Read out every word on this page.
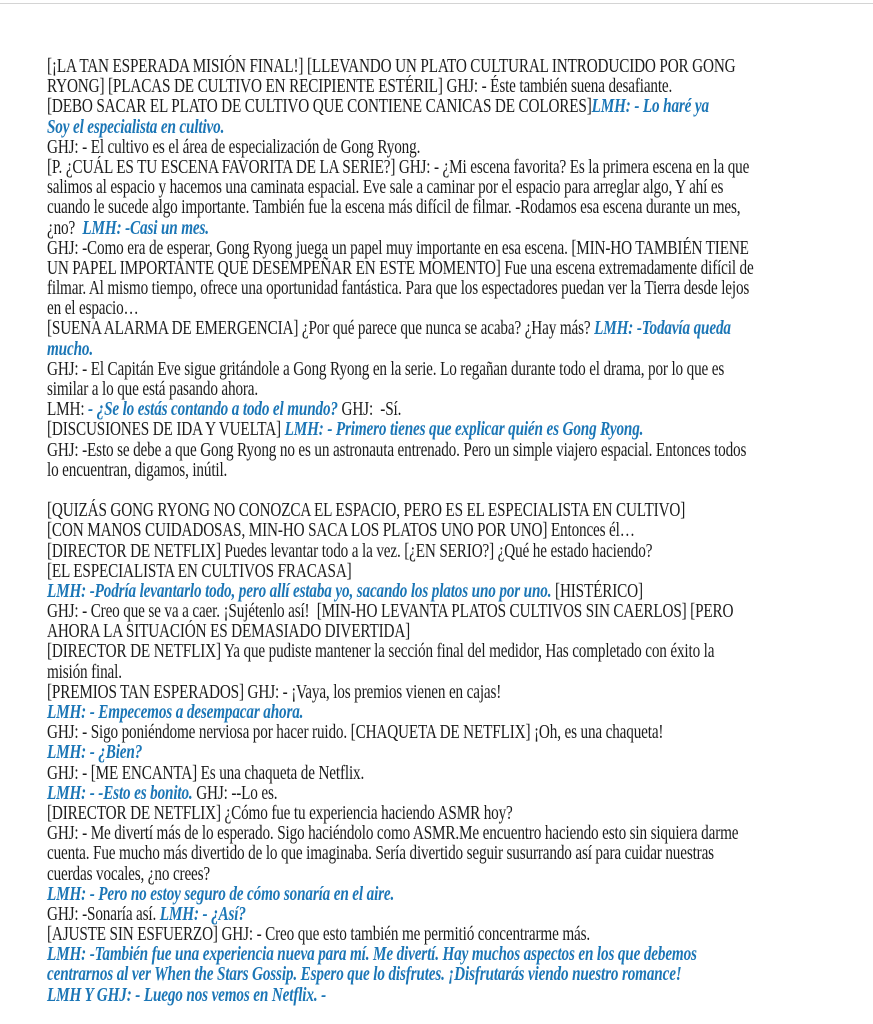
[¡LA TAN ESPERADA MISIÓN FINAL!] [LLEVANDO UN PLATO CULTURAL INTRODUCIDO POR GONG
RYONG] [PLACAS DE CULTIVO EN RECIPIENTE ESTÉRIL] GHJ: - Éste también suena desafiante.
[DEBO SACAR EL PLATO DE CULTIVO QUE CONTIENE CANICAS DE COLORES]LMH: - Lo haré ya
Soy el especialista en cultivo.
GHJ: - El cultivo es el área de especialización de Gong Ryong.
[P. ¿CUÁL ES TU ESCENA FAVORITA DE LA SERIE?] GHJ: - ¿Mi escena favorita? Es la primera escena en la que
salimos al espacio y hacemos una caminata espacial. Eve sale a caminar por el espacio para arreglar algo, Y ahí es
cuando le sucede algo importante. También fue la escena más difícil de filmar. -Rodamos esa escena durante un mes,
¿no?  LMH: -Casi un mes.
GHJ: -Como era de esperar, Gong Ryong juega un papel muy importante en esa escena. [MIN-HO TAMBIÉN TIENE
UN PAPEL IMPORTANTE QUE DESEMPEÑAR EN ESTE MOMENTO] Fue una escena extremadamente difícil de
filmar. Al mismo tiempo, ofrece una oportunidad fantástica. Para que los espectadores puedan ver la Tierra desde lejos
en el espacio…
[SUENA ALARMA DE EMERGENCIA] ¿Por qué parece que nunca se acaba? ¿Hay más? LMH: -Todavía queda
mucho.
GHJ: - El Capitán Eve sigue gritándole a Gong Ryong en la serie. Lo regañan durante todo el drama, por lo que es
similar a lo que está pasando ahora.
LMH: - ¿Se lo estás contando a todo el mundo? GHJ:  -Sí.
[DISCUSIONES DE IDA Y VUELTA] LMH: - Primero tienes que explicar quién es Gong Ryong.
GHJ: -Esto se debe a que Gong Ryong no es un astronauta entrenado. Pero un simple viajero espacial. Entonces todos
lo encuentran, digamos, inútil.
[QUIZÁS GONG RYONG NO CONOZCA EL ESPACIO, PERO ES EL ESPECIALISTA EN CULTIVO]
[CON MANOS CUIDADOSAS, MIN-HO SACA LOS PLATOS UNO POR UNO] Entonces él…
[DIRECTOR DE NETFLIX] Puedes levantar todo a la vez. [¿EN SERIO?] ¿Qué he estado haciendo?
[EL ESPECIALISTA EN CULTIVOS FRACASA]
LMH: -Podría levantarlo todo, pero allí estaba yo, sacando los platos uno por uno. [HISTÉRICO]
GHJ: - Creo que se va a caer. ¡Sujétenlo así!  [MIN-HO LEVANTA PLATOS CULTIVOS SIN CAERLOS] [PERO
AHORA LA SITUACIÓN ES DEMASIADO DIVERTIDA]
[DIRECTOR DE NETFLIX] Ya que pudiste mantener la sección final del medidor, Has completado con éxito la
misión final.
[PREMIOS TAN ESPERADOS] GHJ: - ¡Vaya, los premios vienen en cajas!
LMH: - Empecemos a desempacar ahora.
GHJ: - Sigo poniéndome nerviosa por hacer ruido. [CHAQUETA DE NETFLIX] ¡Oh, es una chaqueta!
LMH: - ¿Bien?
GHJ: - [ME ENCANTA] Es una chaqueta de Netflix.
LMH: - -Esto es bonito. GHJ: --Lo es.
[DIRECTOR DE NETFLIX] ¿Cómo fue tu experiencia haciendo ASMR hoy?
GHJ: - Me divertí más de lo esperado. Sigo haciéndolo como ASMR.Me encuentro haciendo esto sin siquiera darme
cuenta. Fue mucho más divertido de lo que imaginaba. Sería divertido seguir susurrando así para cuidar nuestras
cuerdas vocales, ¿no crees?
LMH: - Pero no estoy seguro de cómo sonaría en el aire.
GHJ: -Sonaría así. LMH: - ¿Así?
[AJUSTE SIN ESFUERZO] GHJ: - Creo que esto también me permitió concentrarme más.
LMH: -También fue una experiencia nueva para mí. Me divertí. Hay muchos aspectos en los que debemos
centrarnos al ver When the Stars Gossip. Espero que lo disfrutes. ¡Disfrutarás viendo nuestro romance!
LMH Y GHJ: - Luego nos vemos en Netflix. -
